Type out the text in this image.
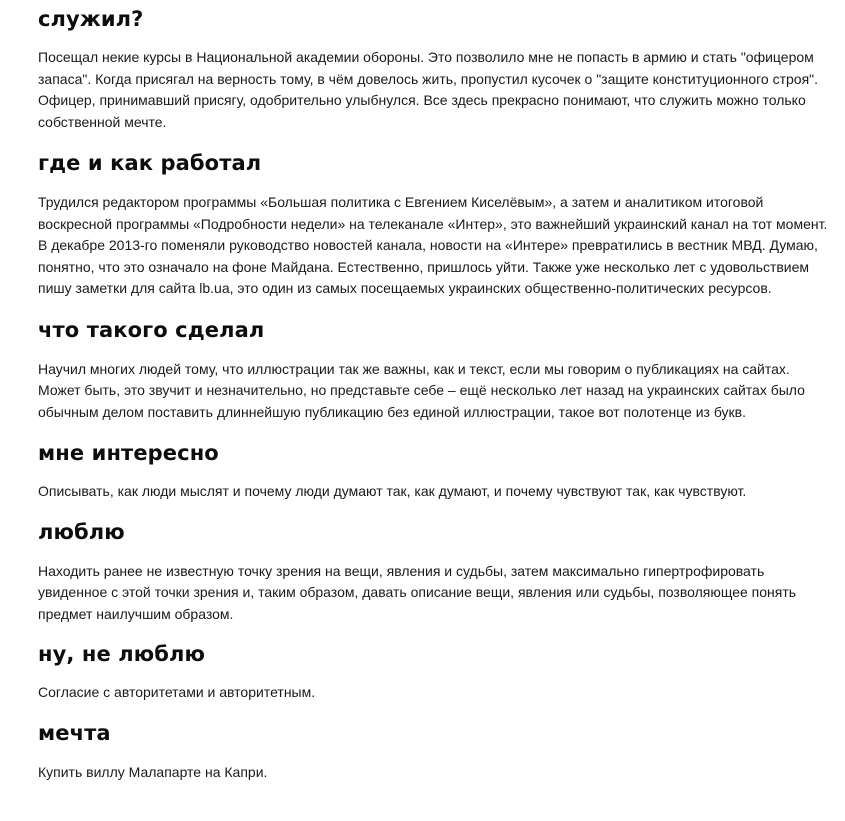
служил?

Посещал некие курсы в Национальной академии обороны. Это позволило мне не попасть в армию и стать "офицером запаса". Когда присягал на верность тому, в чём довелось жить, пропустил кусочек о "защите конституционного строя". Офицер, принимавший присягу, одобрительно улыбнулся. Все здесь прекрасно понимают, что служить можно только собственной мечте.

где и как работал

Трудился редактором программы «Большая политика с Евгением Киселёвым», а затем и аналитиком итоговой воскресной программы «Подробности недели» на телеканале «Интер», это важнейший украинский канал на тот момент. В декабре 2013-го поменяли руководство новостей канала, новости на «Интере» превратились в вестник МВД. Думаю, понятно, что это означало на фоне Майдана. Естественно, пришлось уйти. Также уже несколько лет с удовольствием пишу заметки для сайта lb.ua, это один из самых посещаемых украинских общественно-политических ресурсов.

что такого сделал

Научил многих людей тому, что иллюстрации так же важны, как и текст, если мы говорим о публикациях на сайтах. Может быть, это звучит и незначительно, но представьте себе – ещё несколько лет назад на украинских сайтах было обычным делом поставить длиннейшую публикацию без единой иллюстрации, такое вот полотенце из букв.

мне интересно

Описывать, как люди мыслят и почему люди думают так, как думают, и почему чувствуют так, как чувствуют.

люблю

Находить ранее не известную точку зрения на вещи, явления и судьбы, затем максимально гипертрофировать увиденное с этой точки зрения и, таким образом, давать описание вещи, явления или судьбы, позволяющее понять предмет наилучшим образом.

ну, не люблю

Согласие с авторитетами и авторитетным.

мечта

Купить виллу Малапарте на Капри.
